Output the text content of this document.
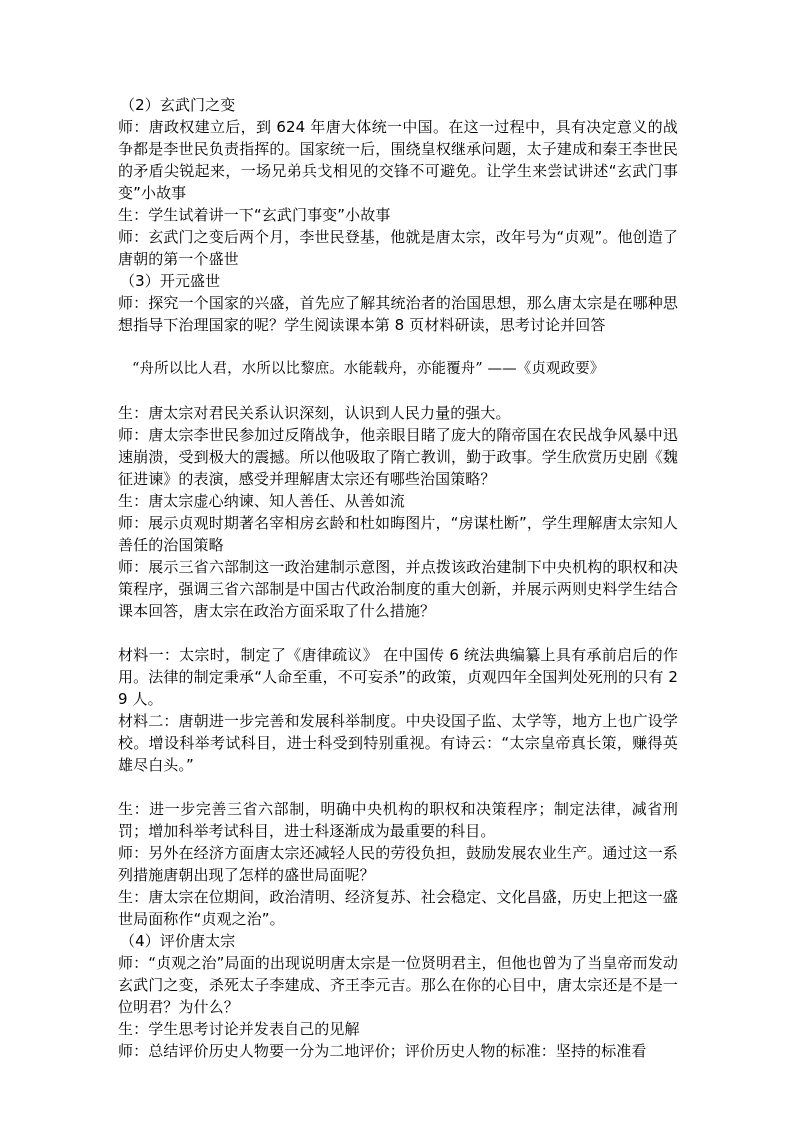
（2）玄武门之变

师：唐政权建立后，到 624 年唐大体统一中国。在这一过程中，具有决定意义的战争都是李世民负责指挥的。国家统一后，围绕皇权继承问题，太子建成和秦王李世民的矛盾尖锐起来，一场兄弟兵戈相见的交锋不可避免。让学生来尝试讲述“玄武门事变”小故事

生：学生试着讲一下“玄武门事变”小故事

师：玄武门之变后两个月，李世民登基，他就是唐太宗，改年号为“贞观”。他创造了唐朝的第一个盛世

（3）开元盛世

师：探究一个国家的兴盛，首先应了解其统治者的治国思想，那么唐太宗是在哪种思想指导下治理国家的呢？学生阅读课本第 8 页材料研读，思考讨论并回答

“舟所以比人君，水所以比黎庶。水能载舟，亦能覆舟” ——《贞观政要》

生：唐太宗对君民关系认识深刻，认识到人民力量的强大。

师：唐太宗李世民参加过反隋战争，他亲眼目睹了庞大的隋帝国在农民战争风暴中迅速崩溃，受到极大的震撼。所以他吸取了隋亡教训，勤于政事。学生欣赏历史剧《魏征进谏》的表演，感受并理解唐太宗还有哪些治国策略？

生：唐太宗虚心纳谏、知人善任、从善如流

师：展示贞观时期著名宰相房玄龄和杜如晦图片，“房谋杜断”，学生理解唐太宗知人善任的治国策略

师：展示三省六部制这一政治建制示意图，并点拨该政治建制下中央机构的职权和决策程序，强调三省六部制是中国古代政治制度的重大创新，并展示两则史料学生结合课本回答，唐太宗在政治方面采取了什么措施？

材料一：太宗时，制定了《唐律疏议》 在中国传 6 统法典编纂上具有承前启后的作用。法律的制定秉承“人命至重，不可妄杀”的政策，贞观四年全国判处死刑的只有 29 人。

材料二：唐朝进一步完善和发展科举制度。中央设国子监、太学等，地方上也广设学校。增设科举考试科目，进士科受到特别重视。有诗云：“太宗皇帝真长策，赚得英雄尽白头。”

生：进一步完善三省六部制，明确中央机构的职权和决策程序；制定法律，减省刑罚；增加科举考试科目，进士科逐渐成为最重要的科目。

师：另外在经济方面唐太宗还减轻人民的劳役负担，鼓励发展农业生产。通过这一系列措施唐朝出现了怎样的盛世局面呢？

生：唐太宗在位期间，政治清明、经济复苏、社会稳定、文化昌盛，历史上把这一盛世局面称作“贞观之治”。

（4）评价唐太宗

师：“贞观之治”局面的出现说明唐太宗是一位贤明君主，但他也曾为了当皇帝而发动玄武门之变，杀死太子李建成、齐王李元吉。那么在你的心目中，唐太宗还是不是一位明君？为什么？

生：学生思考讨论并发表自己的见解

师：总结评价历史人物要一分为二地评价；评价历史人物的标准：坚持的标准看
